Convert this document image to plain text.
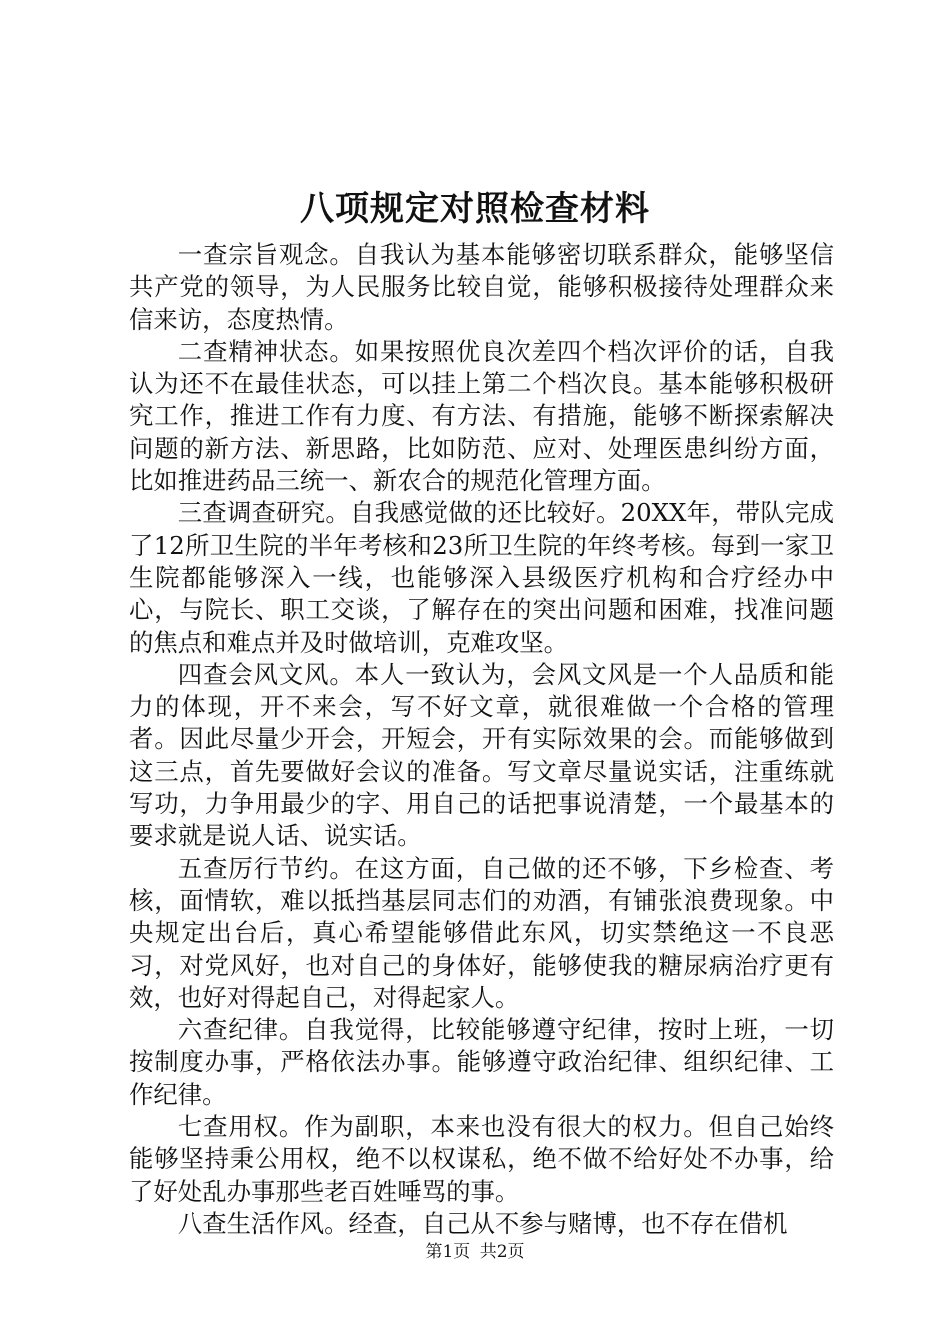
八项规定对照检查材料

一查宗旨观念。自我认为基本能够密切联系群众，能够坚信共产党的领导，为人民服务比较自觉，能够积极接待处理群众来信来访，态度热情。

二查精神状态。如果按照优良次差四个档次评价的话，自我认为还不在最佳状态，可以挂上第二个档次良。基本能够积极研究工作，推进工作有力度、有方法、有措施，能够不断探索解决问题的新方法、新思路，比如防范、应对、处理医患纠纷方面，比如推进药品三统一、新农合的规范化管理方面。

三查调查研究。自我感觉做的还比较好。20XX年，带队完成了12所卫生院的半年考核和23所卫生院的年终考核。每到一家卫生院都能够深入一线，也能够深入县级医疗机构和合疗经办中心，与院长、职工交谈，了解存在的突出问题和困难，找准问题的焦点和难点并及时做培训，克难攻坚。

四查会风文风。本人一致认为，会风文风是一个人品质和能力的体现，开不来会，写不好文章，就很难做一个合格的管理者。因此尽量少开会，开短会，开有实际效果的会。而能够做到这三点，首先要做好会议的准备。写文章尽量说实话，注重练就写功，力争用最少的字、用自己的话把事说清楚，一个最基本的要求就是说人话、说实话。

五查厉行节约。在这方面，自己做的还不够，下乡检查、考核，面情软，难以抵挡基层同志们的劝酒，有铺张浪费现象。中央规定出台后，真心希望能够借此东风，切实禁绝这一不良恶习，对党风好，也对自己的身体好，能够使我的糖尿病治疗更有效，也好对得起自己，对得起家人。

六查纪律。自我觉得，比较能够遵守纪律，按时上班，一切按制度办事，严格依法办事。能够遵守政治纪律、组织纪律、工作纪律。

七查用权。作为副职，本来也没有很大的权力。但自己始终能够坚持秉公用权，绝不以权谋私，绝不做不给好处不办事，给了好处乱办事那些老百姓唾骂的事。

八查生活作风。经查，自己从不参与赌博，也不存在借机

第1页 共2页
